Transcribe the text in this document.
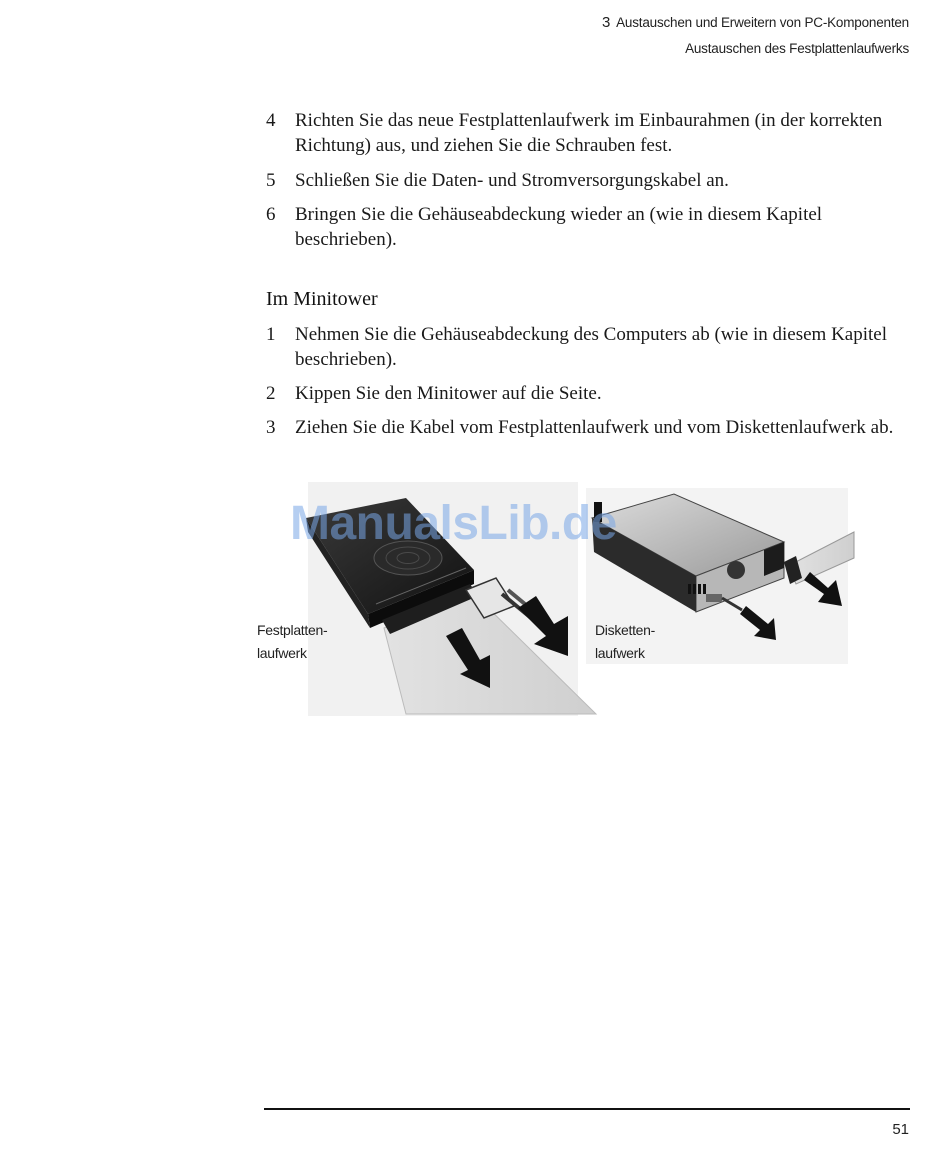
3 Austauschen und Erweitern von PC-Komponenten
Austauschen des Festplattenlaufwerks
4	Richten Sie das neue Festplattenlaufwerk im Einbaurahmen (in der korrekten Richtung) aus, und ziehen Sie die Schrauben fest.
5	Schließen Sie die Daten- und Stromversorgungskabel an.
6	Bringen Sie die Gehäuseabdeckung wieder an (wie in diesem Kapitel beschrieben).
Im Minitower
1	Nehmen Sie die Gehäuseabdeckung des Computers ab (wie in diesem Kapitel beschrieben).
2	Kippen Sie den Minitower auf die Seite.
3	Ziehen Sie die Kabel vom Festplattenlaufwerk und vom Diskettenlaufwerk ab.
Festplatten-
laufwerk
Disketten-
laufwerk
ManualsLib.de
51
